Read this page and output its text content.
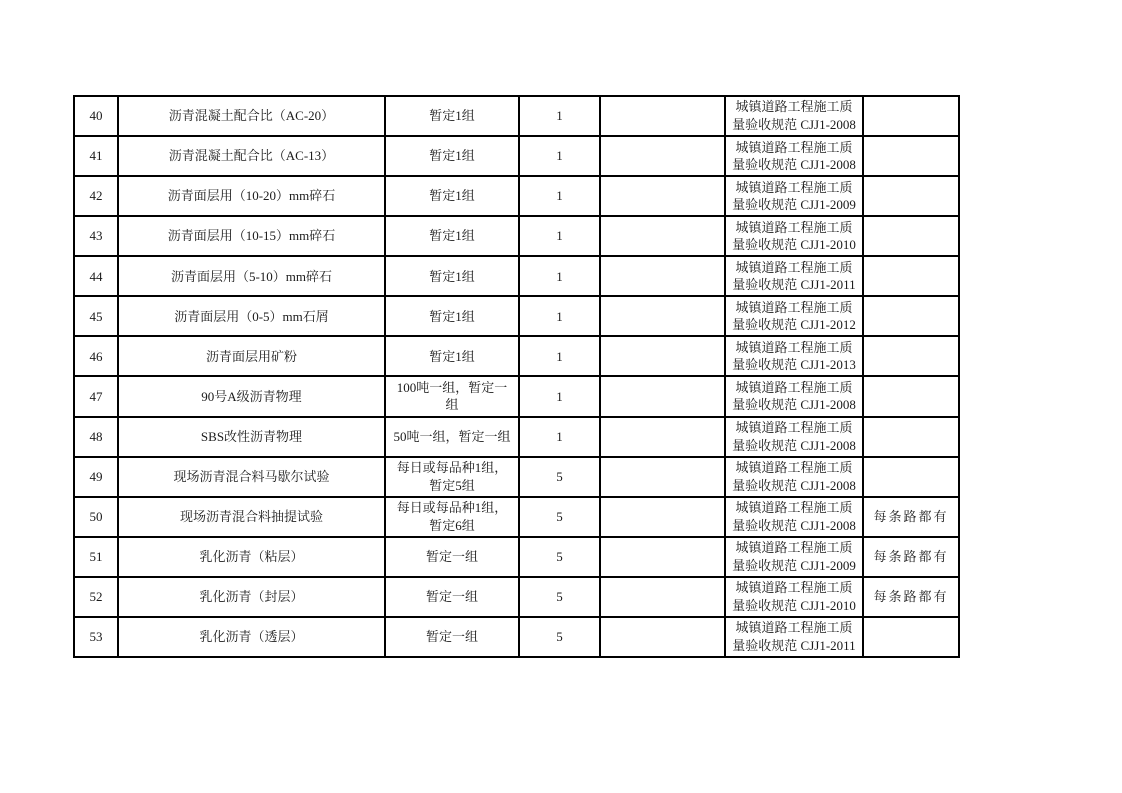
40	沥青混凝土配合比（AC-20）	暂定1组	1		城镇道路工程施工质量验收规范 CJJ1-2008	
41	沥青混凝土配合比（AC-13）	暂定1组	1		城镇道路工程施工质量验收规范 CJJ1-2008	
42	沥青面层用（10-20）mm碎石	暂定1组	1		城镇道路工程施工质量验收规范 CJJ1-2009	
43	沥青面层用（10-15）mm碎石	暂定1组	1		城镇道路工程施工质量验收规范 CJJ1-2010	
44	沥青面层用（5-10）mm碎石	暂定1组	1		城镇道路工程施工质量验收规范 CJJ1-2011	
45	沥青面层用（0-5）mm石屑	暂定1组	1		城镇道路工程施工质量验收规范 CJJ1-2012	
46	沥青面层用矿粉	暂定1组	1		城镇道路工程施工质量验收规范 CJJ1-2013	
47	90号A级沥青物理	100吨一组，暂定一组	1		城镇道路工程施工质量验收规范 CJJ1-2008	
48	SBS改性沥青物理	50吨一组，暂定一组	1		城镇道路工程施工质量验收规范 CJJ1-2008	
49	现场沥青混合料马歇尔试验	每日或每品种1组，暂定5组	5		城镇道路工程施工质量验收规范 CJJ1-2008	
50	现场沥青混合料抽提试验	每日或每品种1组，暂定6组	5		城镇道路工程施工质量验收规范 CJJ1-2008	每条路都有
51	乳化沥青（粘层）	暂定一组	5		城镇道路工程施工质量验收规范 CJJ1-2009	每条路都有
52	乳化沥青（封层）	暂定一组	5		城镇道路工程施工质量验收规范 CJJ1-2010	每条路都有
53	乳化沥青（透层）	暂定一组	5		城镇道路工程施工质量验收规范 CJJ1-2011	
